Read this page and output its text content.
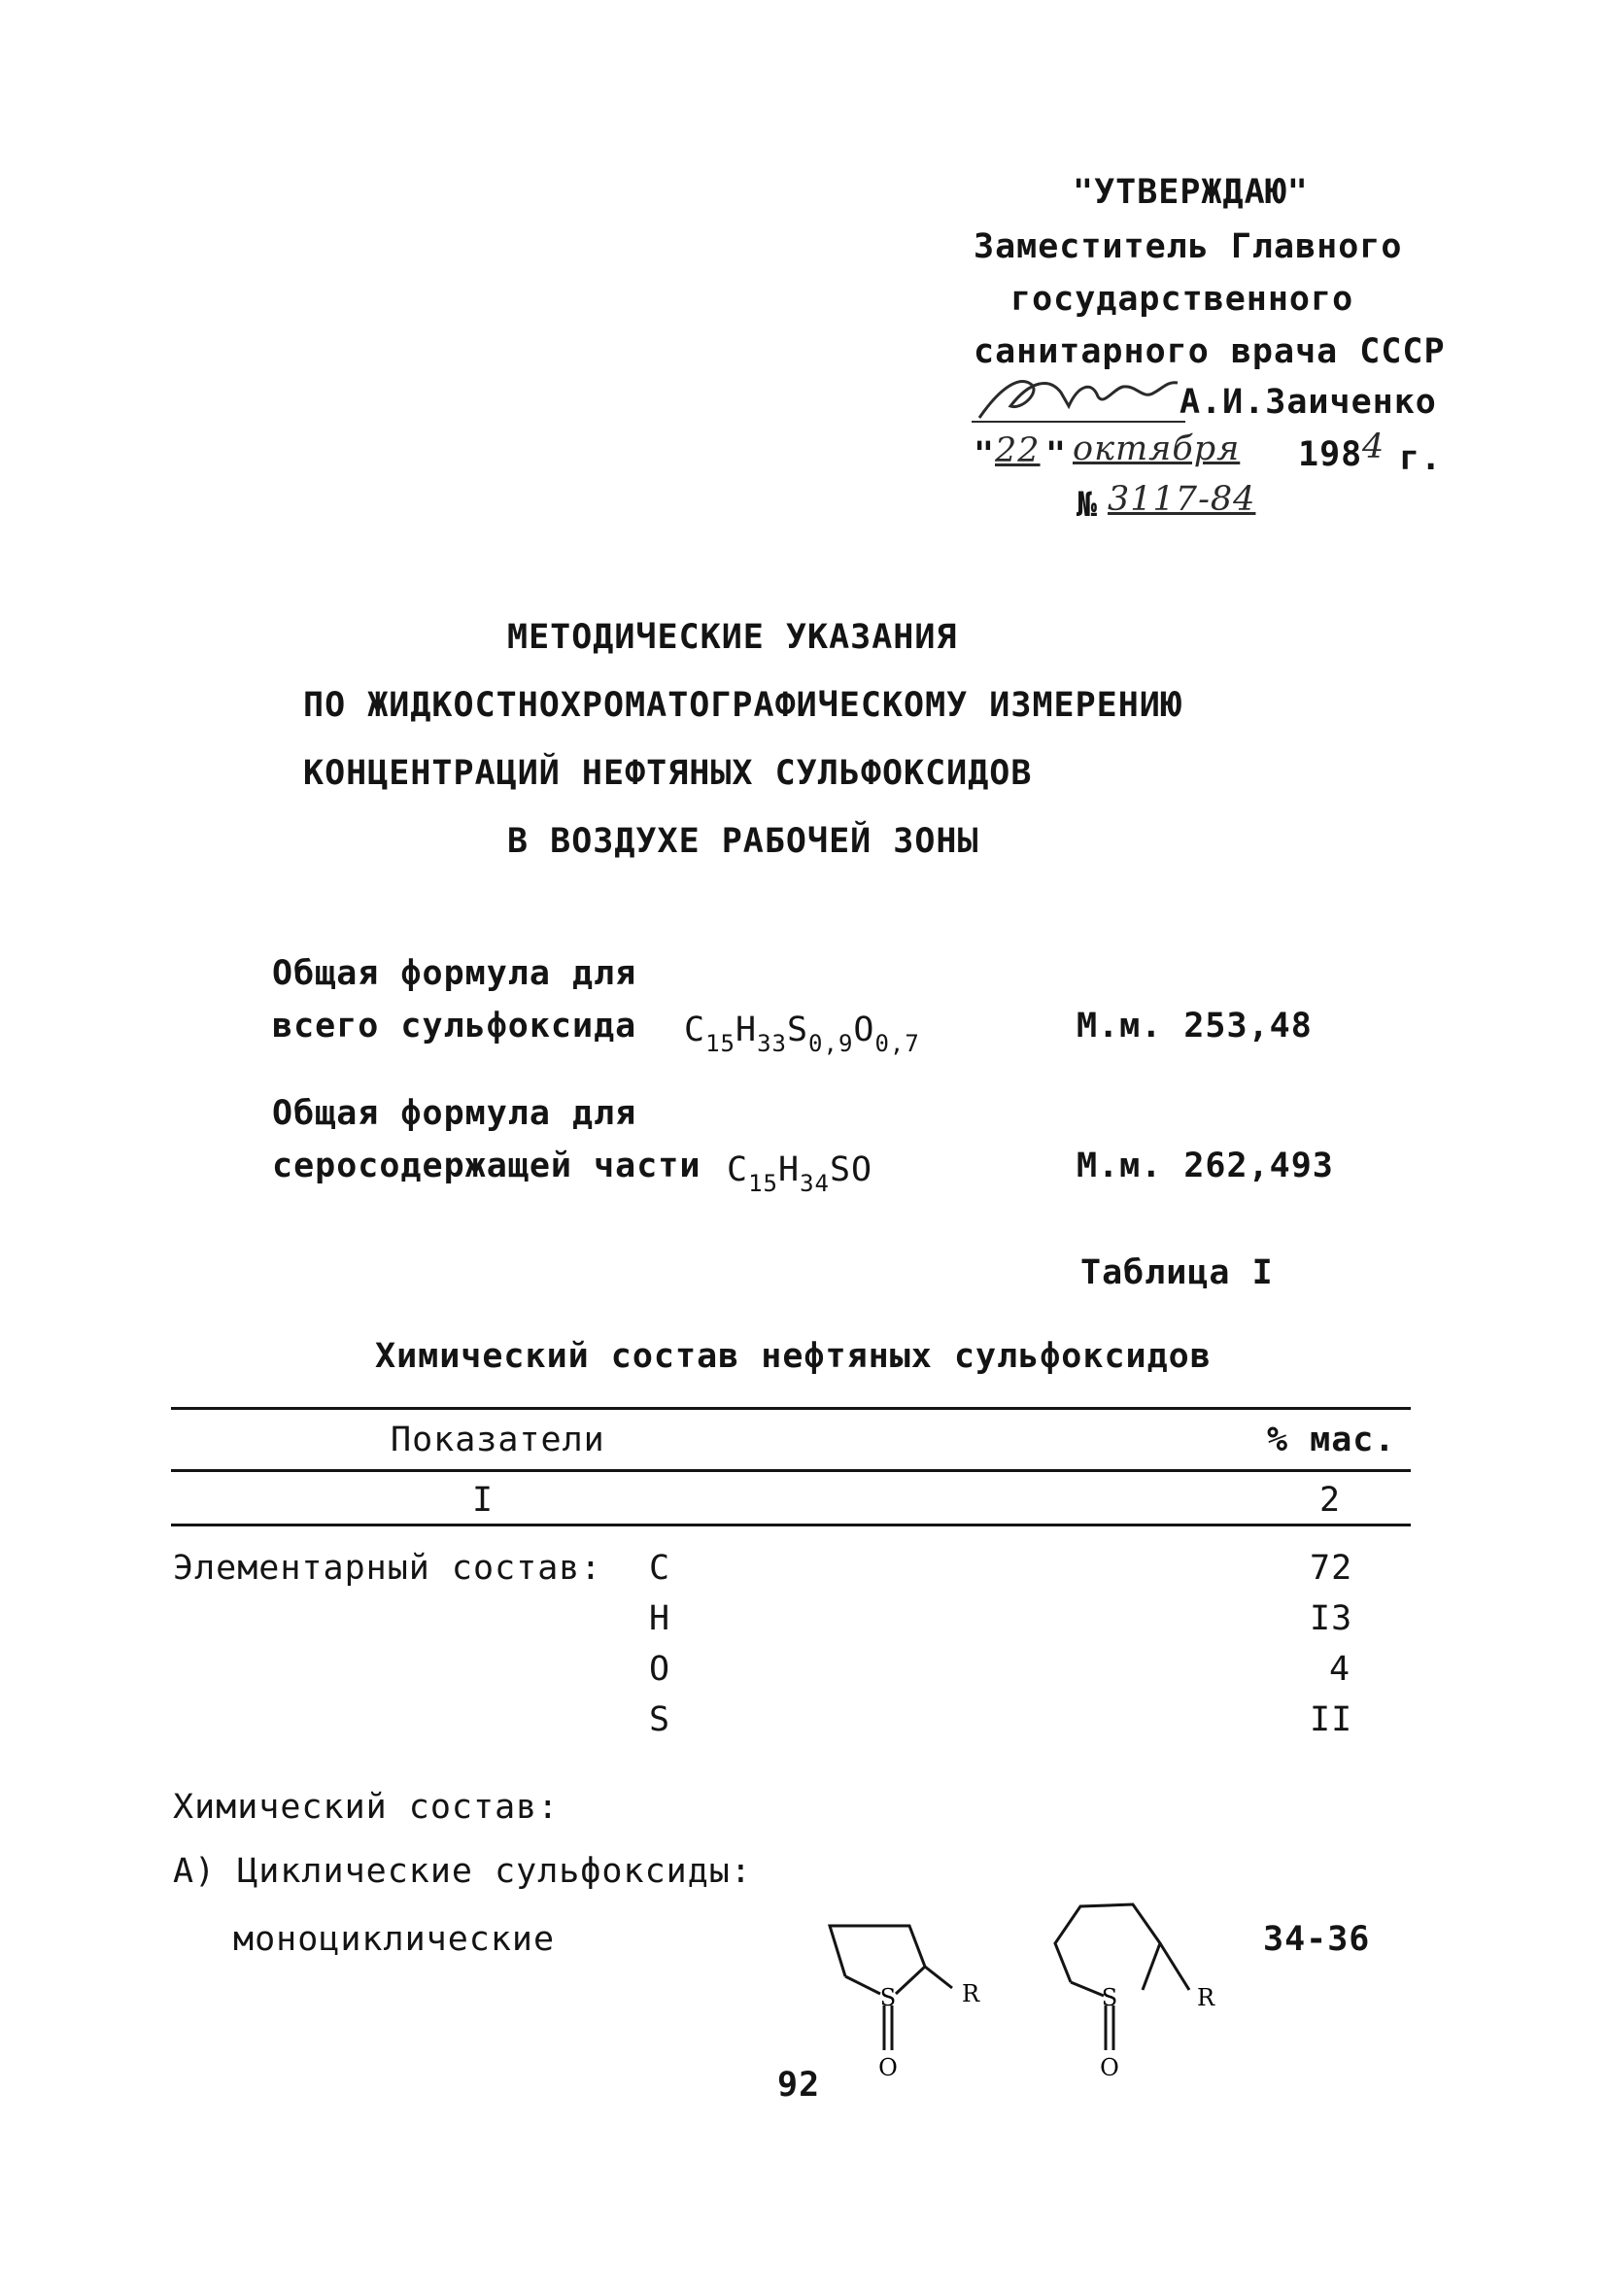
"УТВЕРЖДАЮ"
Заместитель Главного
государственного
санитарного врача СССР
А.И.Заиченко
" 22 " октября	198 4 г.
№ 3117-84
МЕТОДИЧЕСКИЕ УКАЗАНИЯ
ПО ЖИДКОСТНОХРОМАТОГРАФИЧЕСКОМУ ИЗМЕРЕНИЮ
КОНЦЕНТРАЦИЙ НЕФТЯНЫХ СУЛЬФОКСИДОВ
В ВОЗДУХЕ РАБОЧЕЙ ЗОНЫ
Общая формула для
всего сульфоксида $C_{15}H_{33}S_{0,9}O_{0,7}$	М.м. 253,48
Общая формула для
серосодержащей части $C_{15}H_{34}SO$	М.м. 262,493
Таблица I
Химический состав нефтяных сульфоксидов
Показатели	% мас.
I	2
Элементарный состав: C	72
H	I3
O	4
S	II
Химический состав:
А) Циклические сульфоксиды:
моноциклические	34-36
S
O
R	S
O
R
92
